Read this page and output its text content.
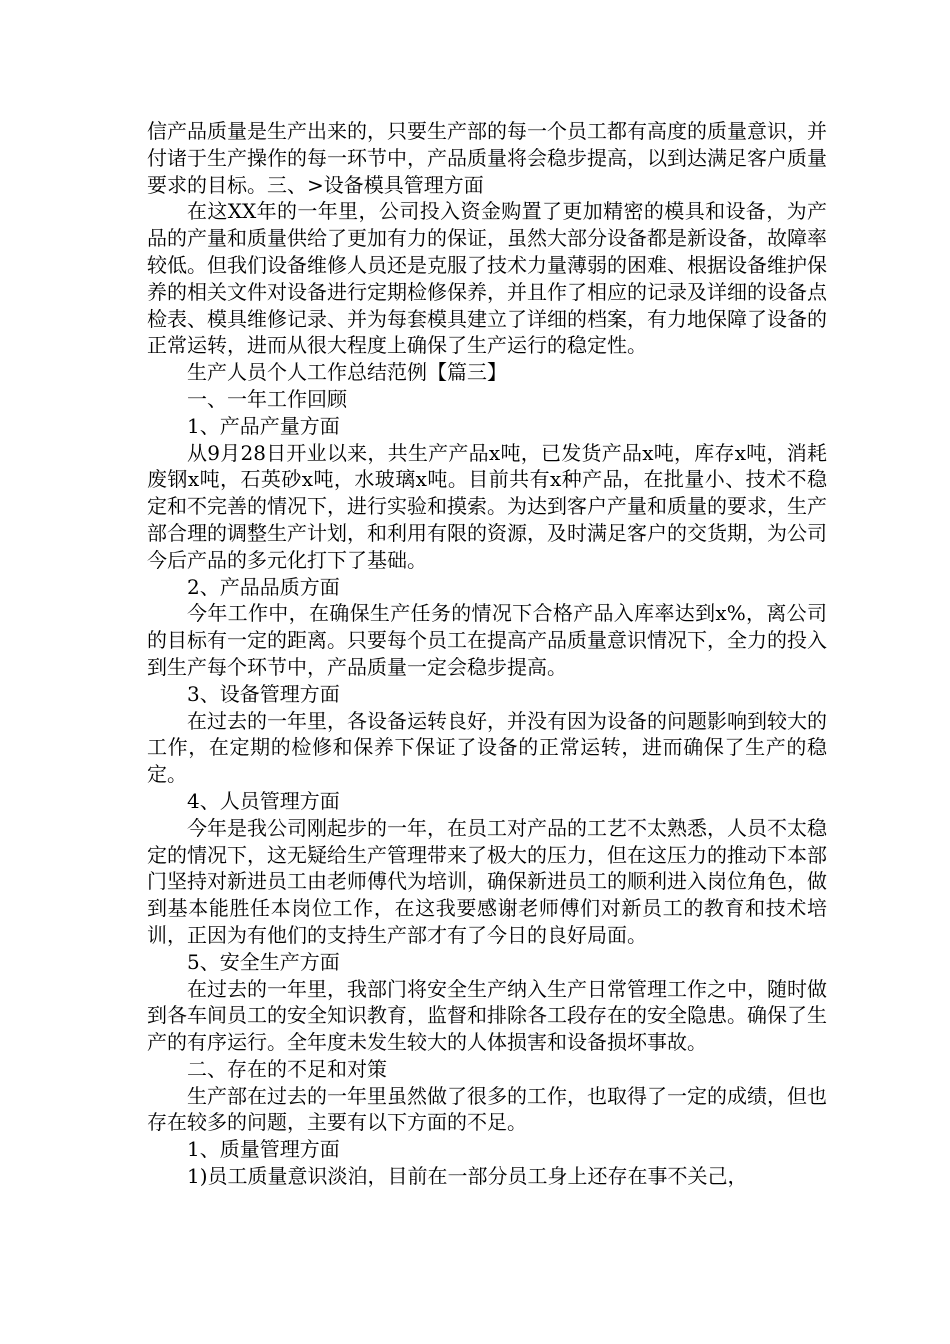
信产品质量是生产出来的，只要生产部的每一个员工都有高度的质量意识，并付诸于生产操作的每一环节中，产品质量将会稳步提高，以到达满足客户质量要求的目标。三、>设备模具管理方面

在这XX年的一年里，公司投入资金购置了更加精密的模具和设备，为产品的产量和质量供给了更加有力的保证，虽然大部分设备都是新设备，故障率较低。但我们设备维修人员还是克服了技术力量薄弱的困难、根据设备维护保养的相关文件对设备进行定期检修保养，并且作了相应的记录及详细的设备点检表、模具维修记录、并为每套模具建立了详细的档案，有力地保障了设备的正常运转，进而从很大程度上确保了生产运行的稳定性。

生产人员个人工作总结范例【篇三】

一、一年工作回顾

1、产品产量方面

从9月28日开业以来，共生产产品x吨，已发货产品x吨，库存x吨，消耗废钢x吨，石英砂x吨，水玻璃x吨。目前共有x种产品，在批量小、技术不稳定和不完善的情况下，进行实验和摸索。为达到客户产量和质量的要求，生产部合理的调整生产计划，和利用有限的资源，及时满足客户的交货期，为公司今后产品的多元化打下了基础。

2、产品品质方面

今年工作中，在确保生产任务的情况下合格产品入库率达到x%，离公司的目标有一定的距离。只要每个员工在提高产品质量意识情况下，全力的投入到生产每个环节中，产品质量一定会稳步提高。

3、设备管理方面

在过去的一年里，各设备运转良好，并没有因为设备的问题影响到较大的工作，在定期的检修和保养下保证了设备的正常运转，进而确保了生产的稳定。

4、人员管理方面

今年是我公司刚起步的一年，在员工对产品的工艺不太熟悉，人员不太稳定的情况下，这无疑给生产管理带来了极大的压力，但在这压力的推动下本部门坚持对新进员工由老师傅代为培训，确保新进员工的顺利进入岗位角色，做到基本能胜任本岗位工作，在这我要感谢老师傅们对新员工的教育和技术培训，正因为有他们的支持生产部才有了今日的良好局面。

5、安全生产方面

在过去的一年里，我部门将安全生产纳入生产日常管理工作之中，随时做到各车间员工的安全知识教育，监督和排除各工段存在的安全隐患。确保了生产的有序运行。全年度未发生较大的人体损害和设备损坏事故。

二、存在的不足和对策

生产部在过去的一年里虽然做了很多的工作，也取得了一定的成绩，但也存在较多的问题，主要有以下方面的不足。

1、质量管理方面

1)员工质量意识淡泊，目前在一部分员工身上还存在事不关己，
